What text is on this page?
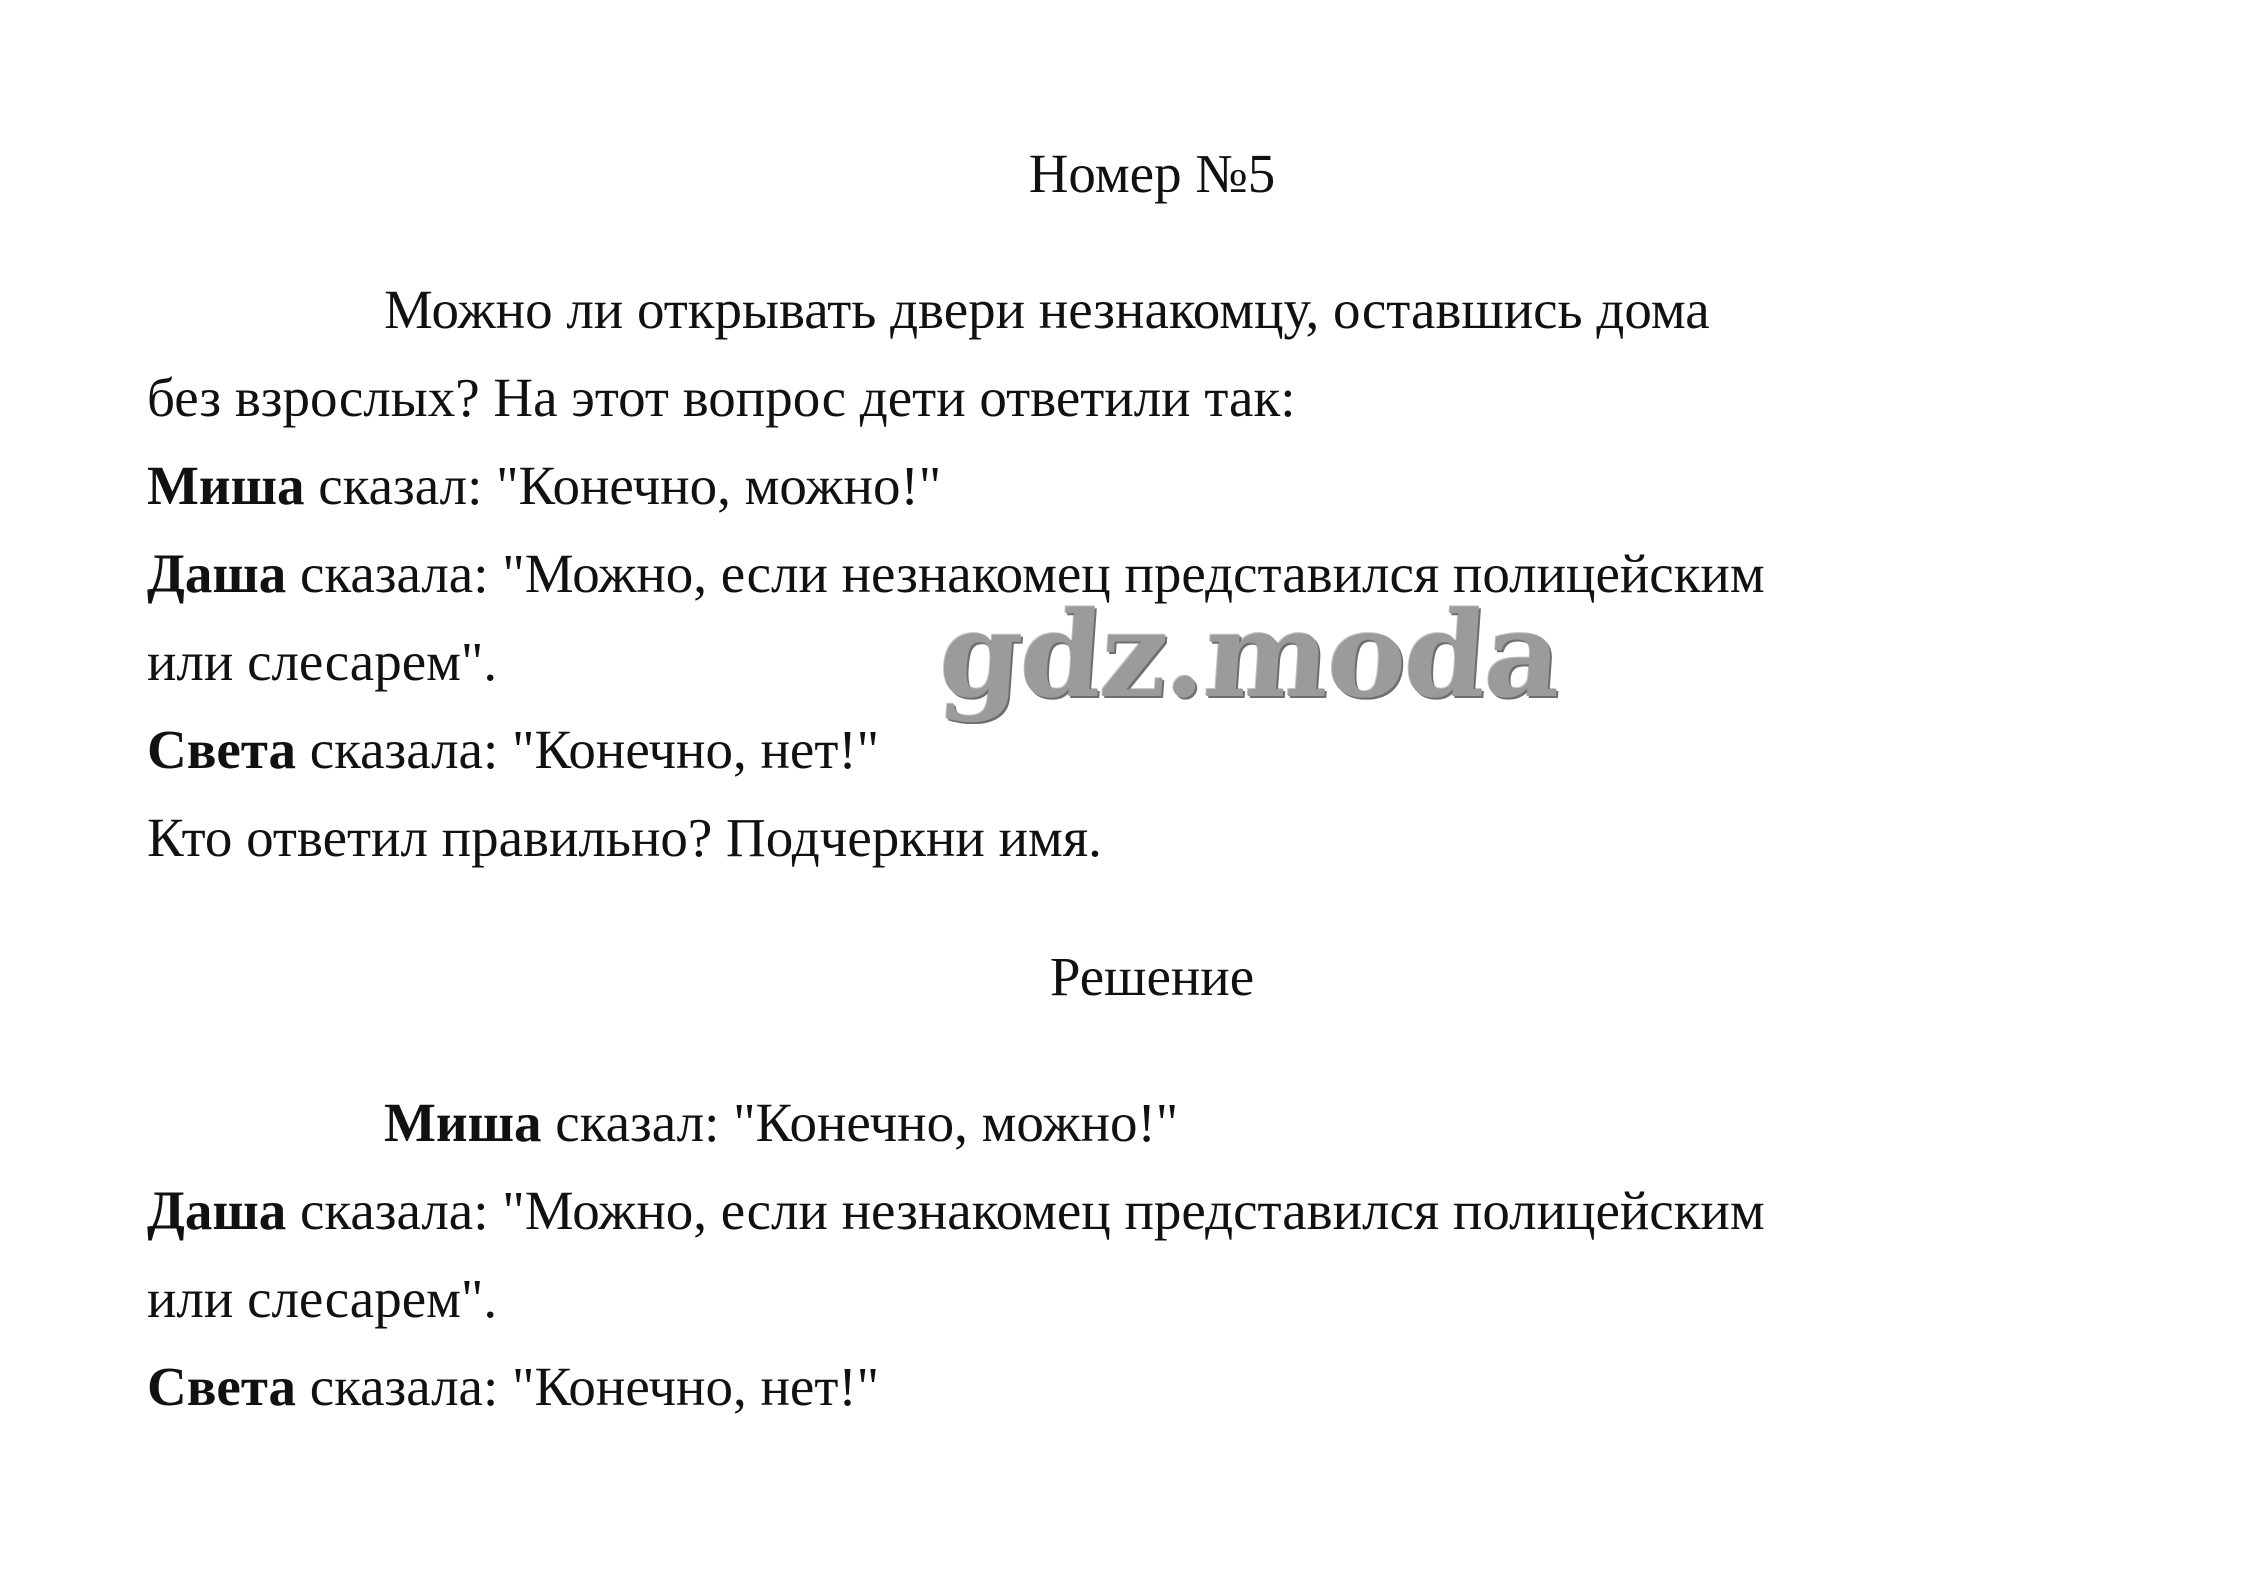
Номер №5
Можно ли открывать двери незнакомцу, оставшись дома
без взрослых? На этот вопрос дети ответили так:
Миша сказал: "Конечно, можно!"
Даша сказала: "Можно, если незнакомец представился полицейским
или слесарем".
Света сказала: "Конечно, нет!"
Кто ответил правильно? Подчеркни имя.
Решение
Миша сказал: "Конечно, можно!"
Даша сказала: "Можно, если незнакомец представился полицейским
или слесарем".
Света сказала: "Конечно, нет!"
gdz.moda
